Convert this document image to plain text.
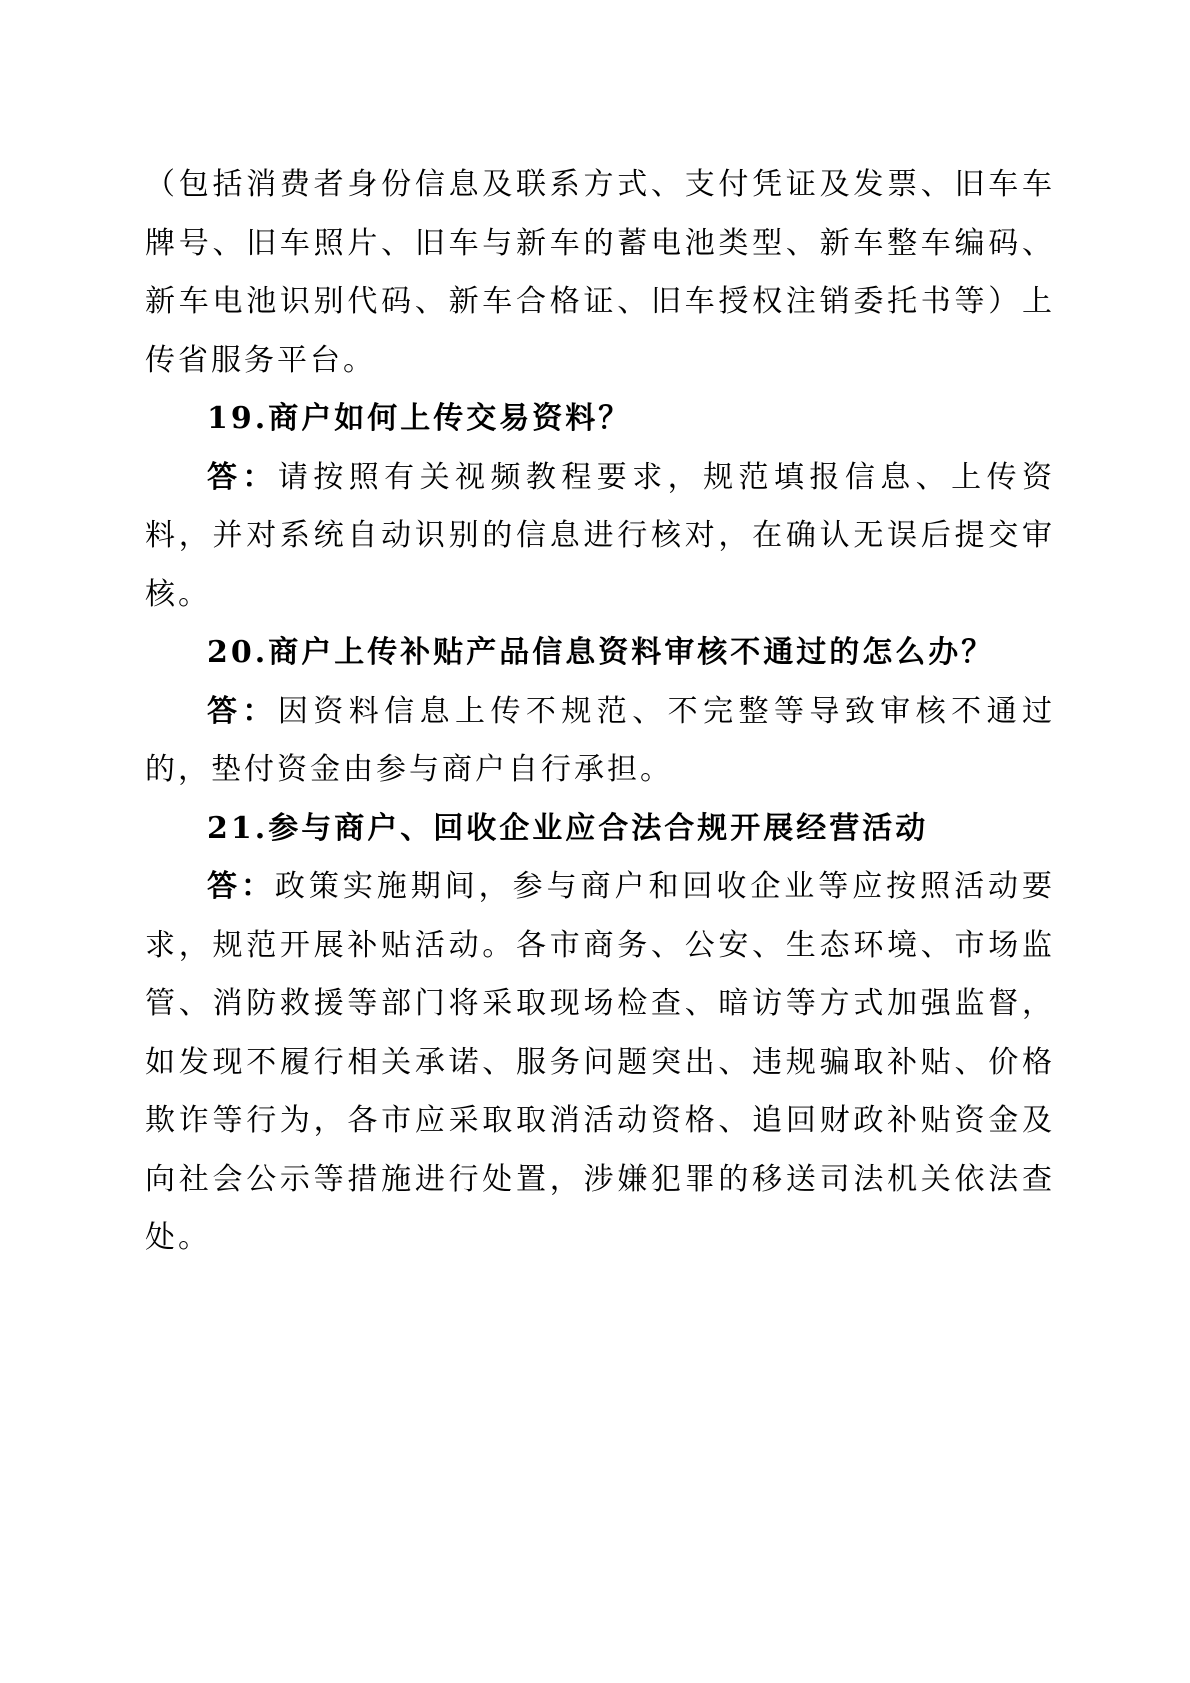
（包括消费者身份信息及联系方式、支付凭证及发票、旧车车牌号、旧车照片、旧车与新车的蓄电池类型、新车整车编码、新车电池识别代码、新车合格证、旧车授权注销委托书等）上传省服务平台。

19.商户如何上传交易资料？

答：请按照有关视频教程要求，规范填报信息、上传资料，并对系统自动识别的信息进行核对，在确认无误后提交审核。

20.商户上传补贴产品信息资料审核不通过的怎么办？

答：因资料信息上传不规范、不完整等导致审核不通过的，垫付资金由参与商户自行承担。

21.参与商户、回收企业应合法合规开展经营活动

答：政策实施期间，参与商户和回收企业等应按照活动要求，规范开展补贴活动。各市商务、公安、生态环境、市场监管、消防救援等部门将采取现场检查、暗访等方式加强监督，如发现不履行相关承诺、服务问题突出、违规骗取补贴、价格欺诈等行为，各市应采取取消活动资格、追回财政补贴资金及向社会公示等措施进行处置，涉嫌犯罪的移送司法机关依法查处。
